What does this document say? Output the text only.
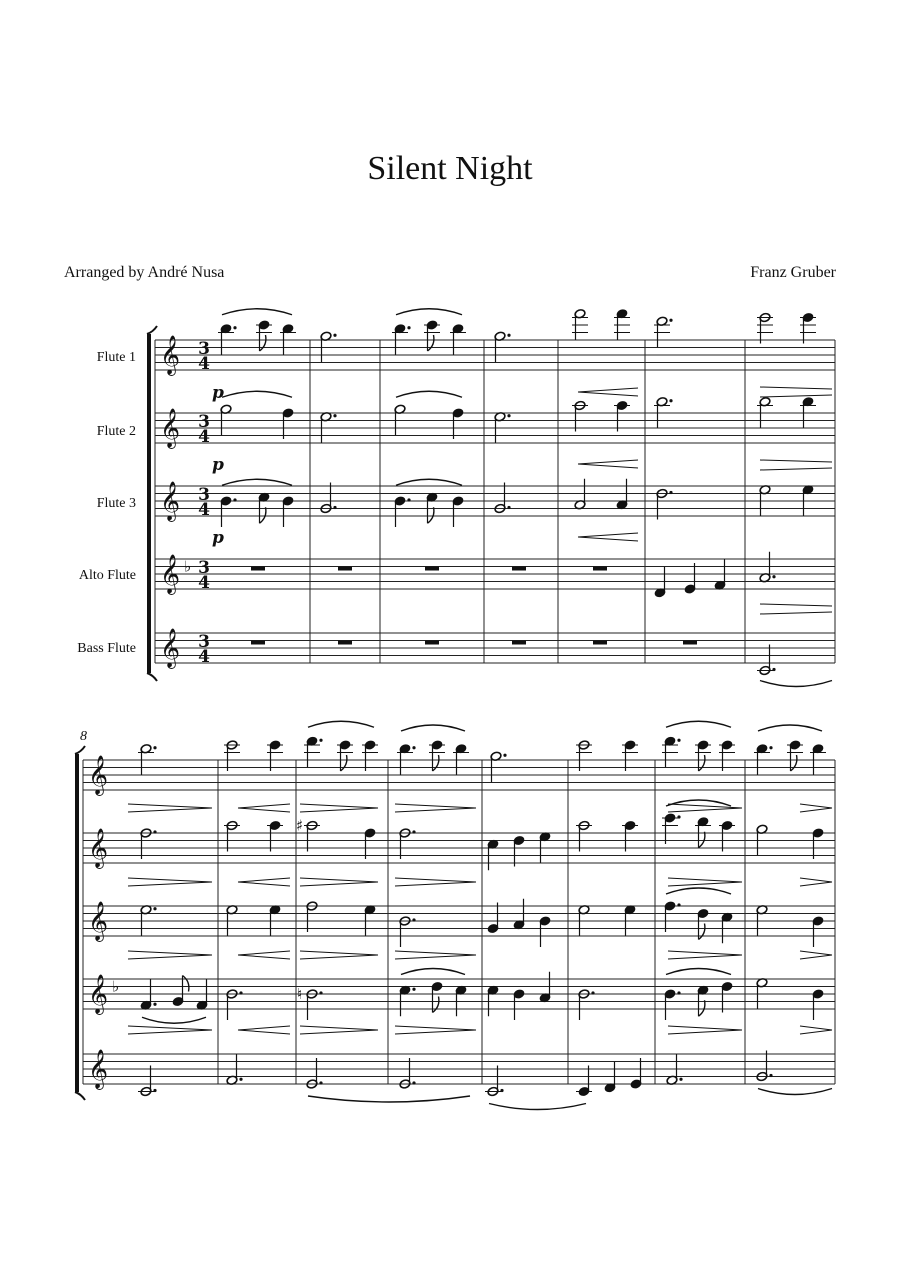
Silent Night
Arranged by André Nusa	Franz Gruber
Flute 1
Flute 2
Flute 3
Alto Flute
Bass Flute
8
𝄞 3
4
𝄞 3
4
𝄞 3
4
𝄞 ♭ 3
4
𝄞 3
4
p
p
p
𝄞
𝄞
𝄞
𝄞 ♭
𝄞
♯
♮
